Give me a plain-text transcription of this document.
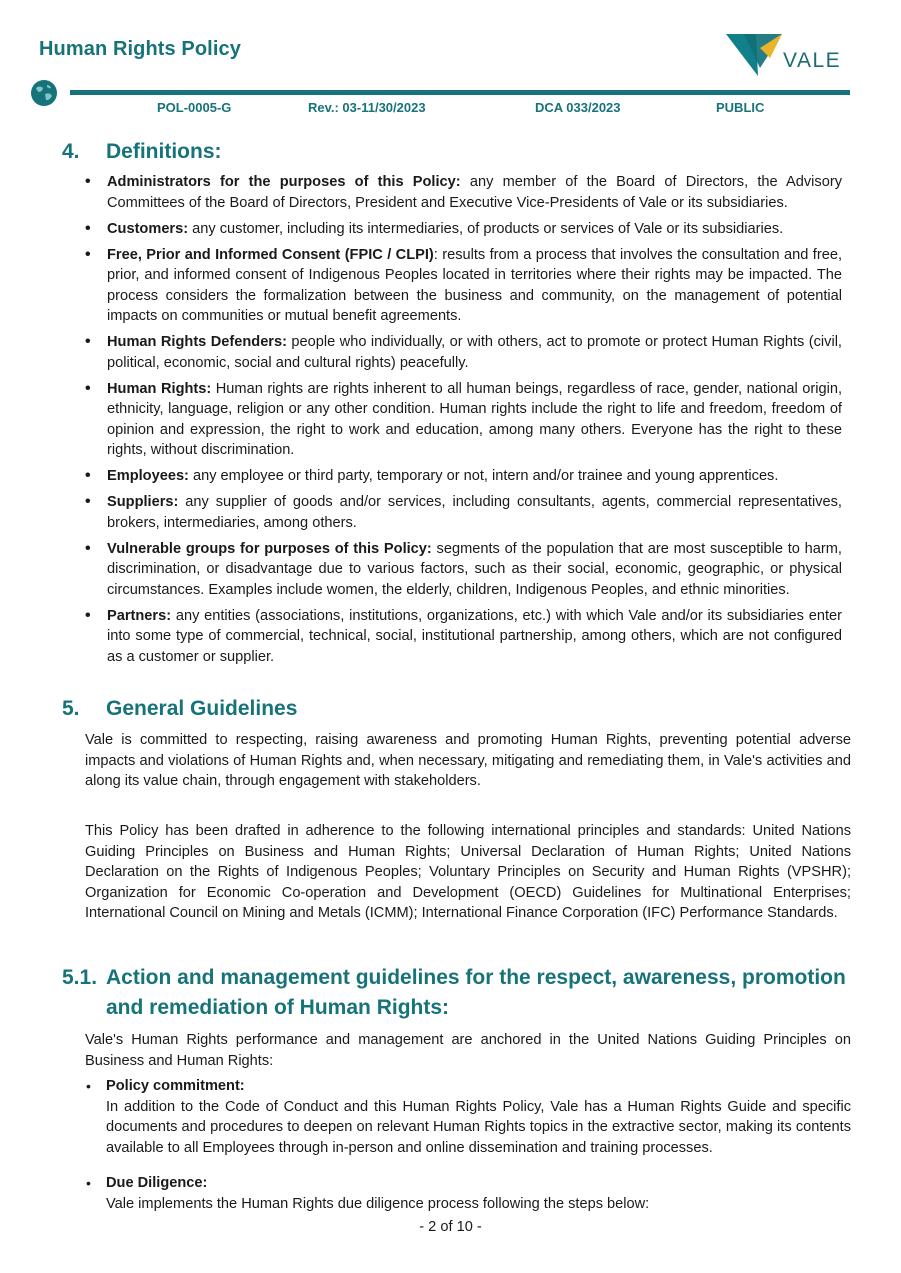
Human Rights Policy	VALE
POL-0005-G	Rev.: 03-11/30/2023	DCA 033/2023	PUBLIC
4. Definitions:
• Administrators for the purposes of this Policy: any member of the Board of Directors, the Advisory Committees of the Board of Directors, President and Executive Vice-Presidents of Vale or its subsidiaries.
• Customers: any customer, including its intermediaries, of products or services of Vale or its subsidiaries.
• Free, Prior and Informed Consent (FPIC / CLPI): results from a process that involves the consultation and free, prior, and informed consent of Indigenous Peoples located in territories where their rights may be impacted. The process considers the formalization between the business and community, on the management of potential impacts on communities or mutual benefit agreements.
• Human Rights Defenders: people who individually, or with others, act to promote or protect Human Rights (civil, political, economic, social and cultural rights) peacefully.
• Human Rights: Human rights are rights inherent to all human beings, regardless of race, gender, national origin, ethnicity, language, religion or any other condition. Human rights include the right to life and freedom, freedom of opinion and expression, the right to work and education, among many others. Everyone has the right to these rights, without discrimination.
• Employees: any employee or third party, temporary or not, intern and/or trainee and young apprentices.
• Suppliers: any supplier of goods and/or services, including consultants, agents, commercial representatives, brokers, intermediaries, among others.
• Vulnerable groups for purposes of this Policy: segments of the population that are most susceptible to harm, discrimination, or disadvantage due to various factors, such as their social, economic, geographic, or physical circumstances. Examples include women, the elderly, children, Indigenous Peoples, and ethnic minorities.
• Partners: any entities (associations, institutions, organizations, etc.) with which Vale and/or its subsidiaries enter into some type of commercial, technical, social, institutional partnership, among others, which are not configured as a customer or supplier.
5. General Guidelines

Vale is committed to respecting, raising awareness and promoting Human Rights, preventing potential adverse impacts and violations of Human Rights and, when necessary, mitigating and remediating them, in Vale's activities and along its value chain, through engagement with stakeholders.

This Policy has been drafted in adherence to the following international principles and standards: United Nations Guiding Principles on Business and Human Rights; Universal Declaration of Human Rights; United Nations Declaration on the Rights of Indigenous Peoples; Voluntary Principles on Security and Human Rights (VPSHR); Organization for Economic Co-operation and Development (OECD) Guidelines for Multinational Enterprises; International Council on Mining and Metals (ICMM); International Finance Corporation (IFC) Performance Standards.

5.1. Action and management guidelines for the respect, awareness, promotion
and remediation of Human Rights:

Vale's Human Rights performance and management are anchored in the United Nations Guiding Principles on Business and Human Rights:

• Policy commitment:
In addition to the Code of Conduct and this Human Rights Policy, Vale has a Human Rights Guide and specific documents and procedures to deepen on relevant Human Rights topics in the extractive sector, making its contents available to all Employees through in-person and online dissemination and training processes.
• Due Diligence:
Vale implements the Human Rights due diligence process following the steps below:
- 2 of 10 -
